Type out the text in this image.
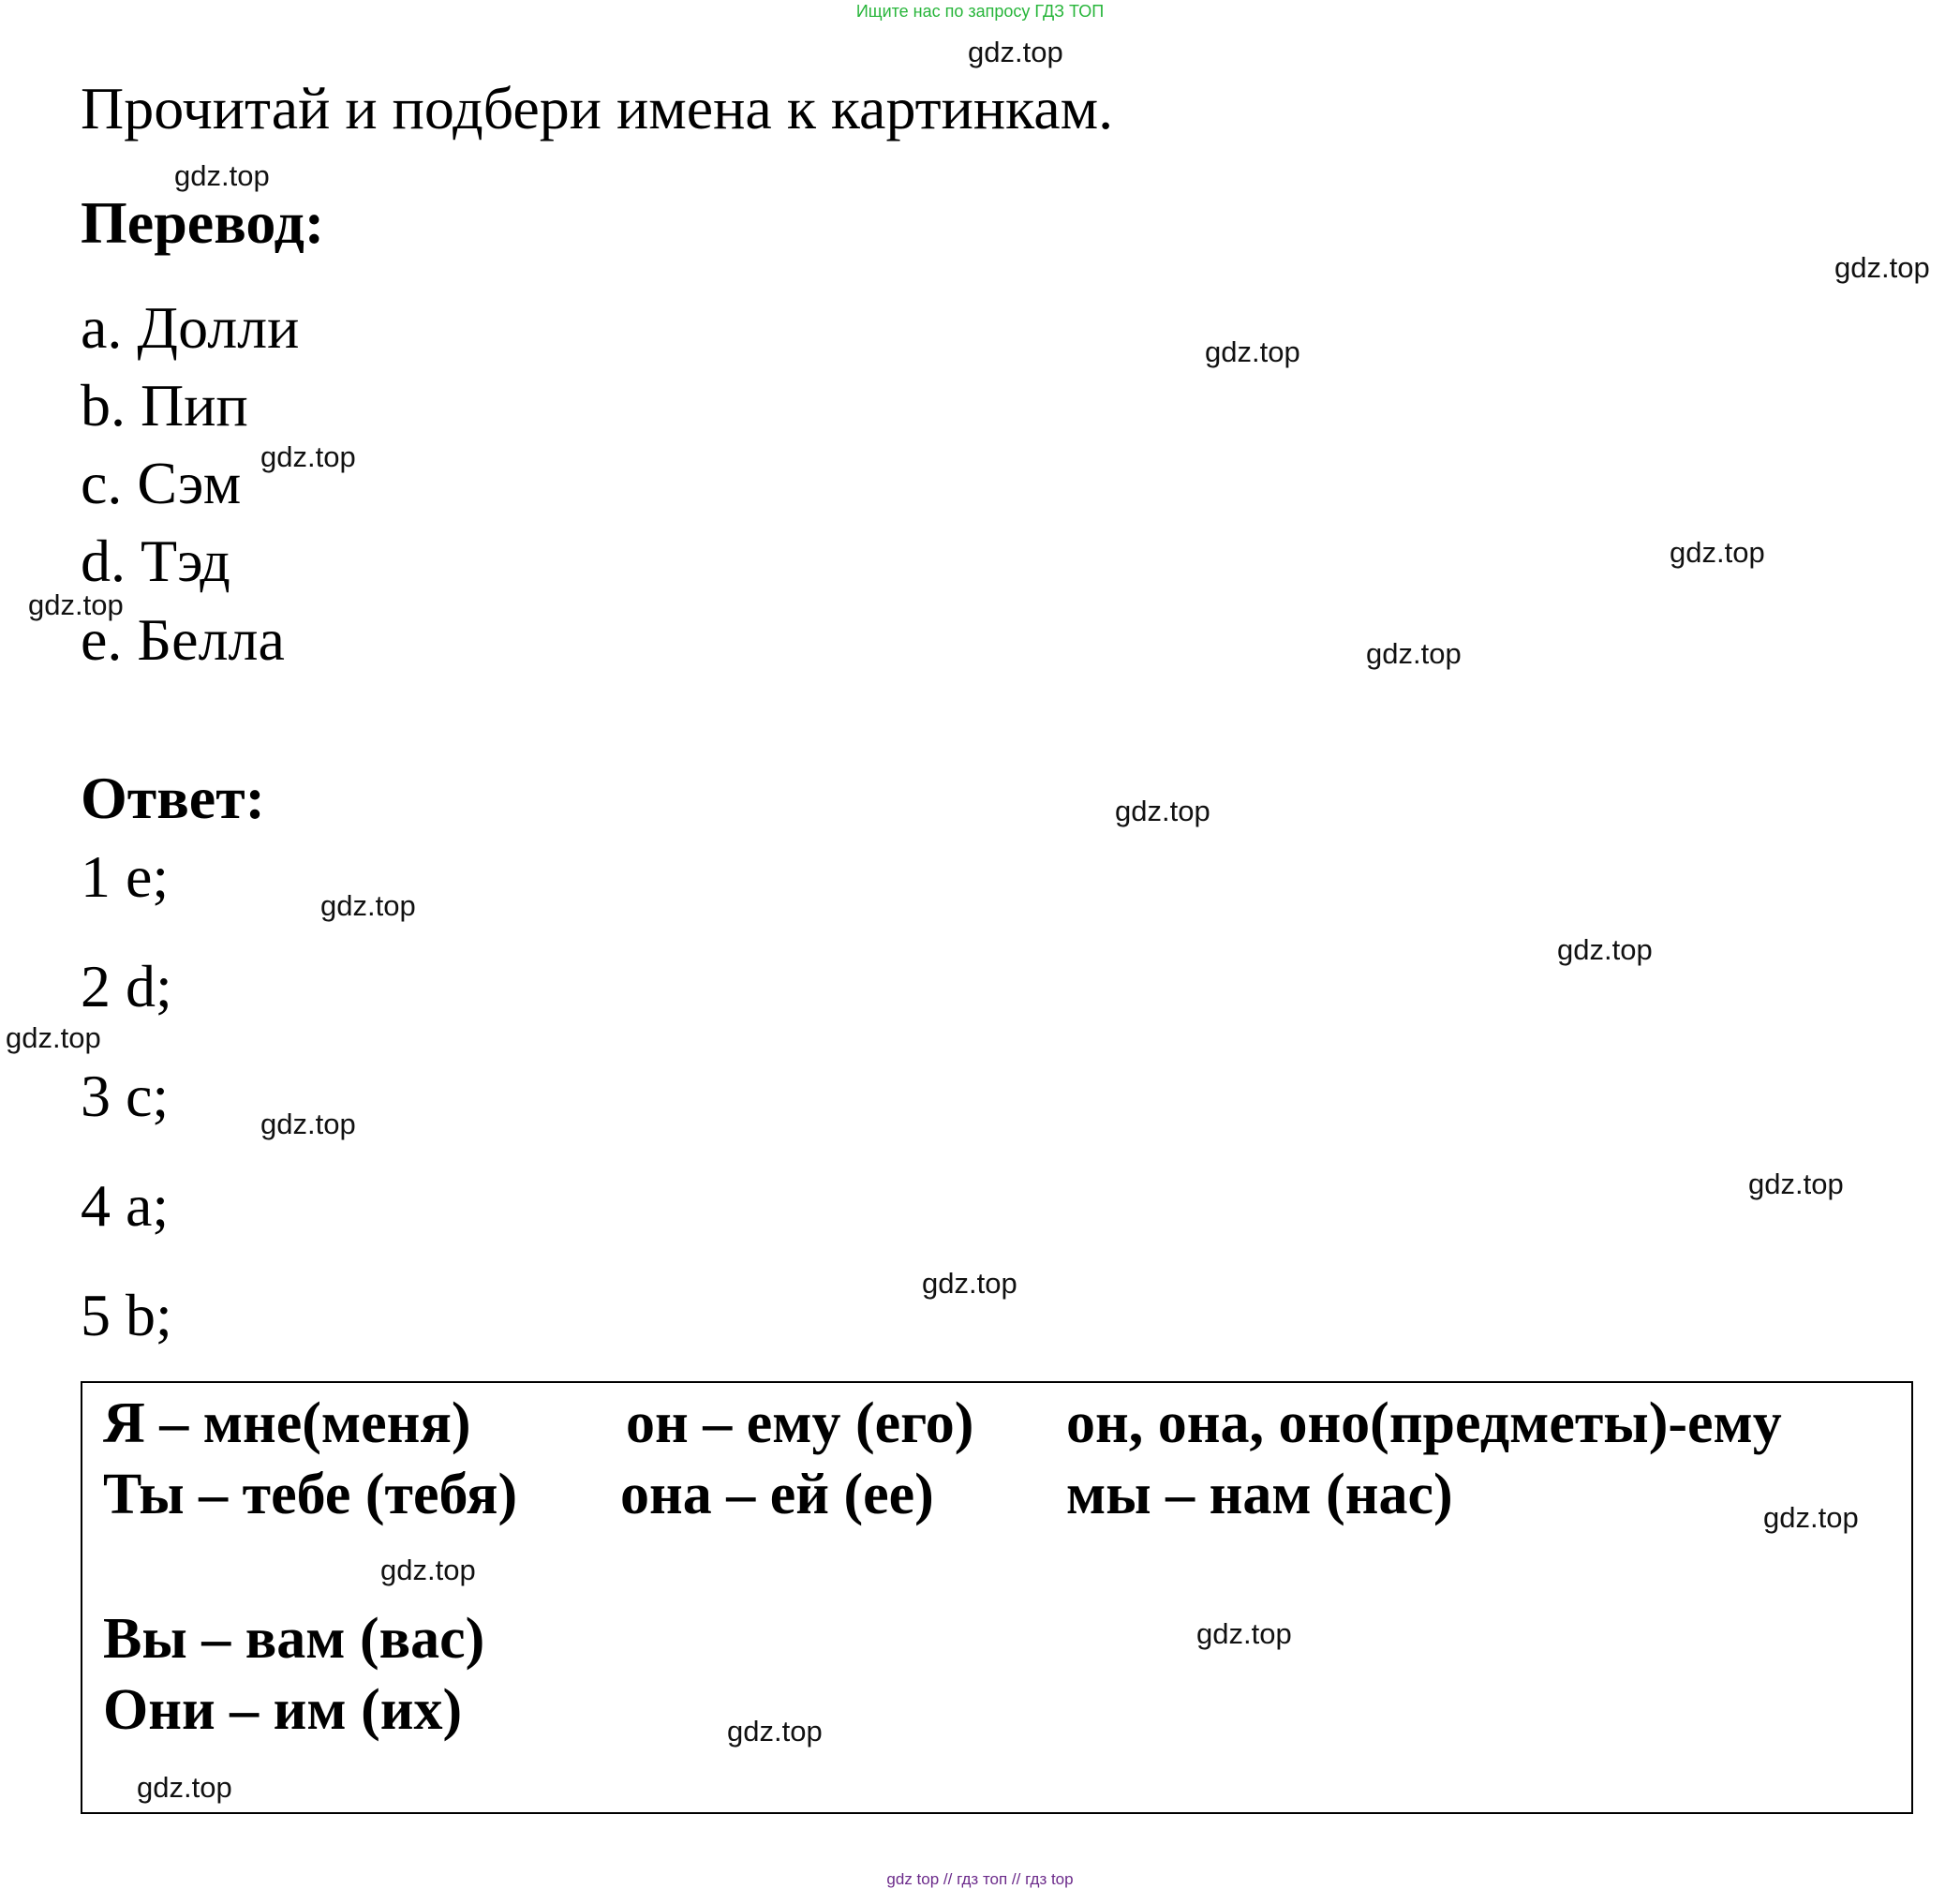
Ищите нас по запросу ГДЗ ТОП
Прочитай и подбери имена к картинкам.
Перевод:
a. Долли
b. Пип
c. Сэм
d. Тэд
e. Белла
Ответ:
1 e;
2 d;
3 c;
4 a;
5 b;
Я – мне(меня)	он – ему (его) он, она, оно(предметы)-ему
Ты – тебе (тебя) она – ей (ее) мы – нам (нас)
Вы – вам (вас)
Они – им (их)
gdz.top
gdz.top
gdz.top
gdz.top
gdz.top
gdz.top
gdz.top
gdz.top
gdz.top
gdz.top
gdz.top
gdz.top
gdz.top
gdz.top
gdz.top
gdz.top
gdz.top
gdz.top
gdz.top
gdz.top
gdz top // гдз топ // гдз top
